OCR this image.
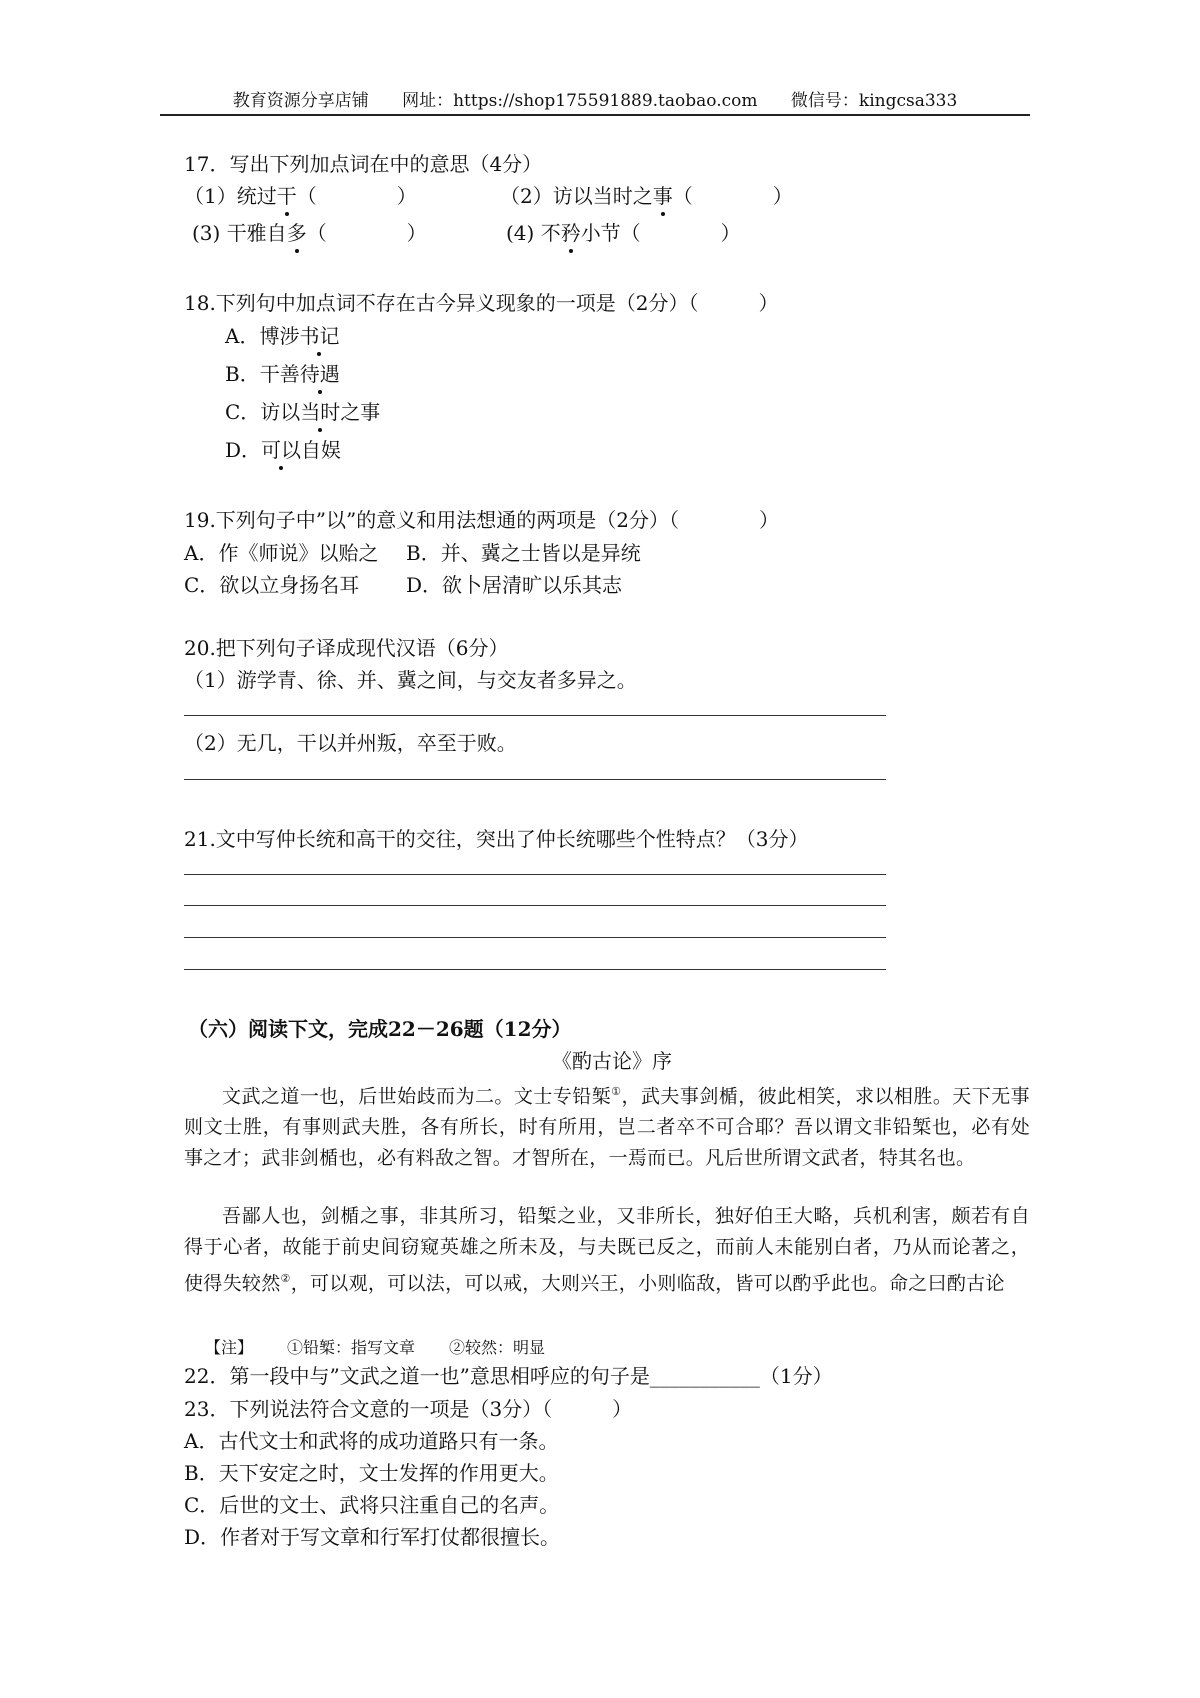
教育资源分享店铺 网址：https://shop175591889.taobao.com 微信号：kingcsa333
17．写出下列加点词在中的意思（4分）
（1）统过干（　　　　）	（2）访以当时之事（　　　　）
(3) 干雅自多（　　　　）	(4) 不矜小节（　　　　）
18.下列句中加点词不存在古今异义现象的一项是（2分）（　　　）
A．博涉书记
B．干善待遇
C．访以当时之事
D．可以自娱
19.下列句子中”以”的意义和用法想通的两项是（2分）（　　　　）
A．作《师说》以贻之 B．并、冀之士皆以是异统
C．欲以立身扬名耳 D．欲卜居清旷以乐其志
20.把下列句子译成现代汉语（6分）
（1）游学青、徐、并、冀之间，与交友者多异之。
（2）无几，干以并州叛，卒至于败。
21.文中写仲长统和高干的交往，突出了仲长统哪些个性特点？（3分）
（六）阅读下文，完成22－26题（12分）
《酌古论》序
文武之道一也，后世始歧而为二。文士专铅椠①，武夫事剑楯，彼此相笑，求以相胜。天下无事则文士胜，有事则武夫胜，各有所长，时有所用，岂二者卒不可合耶？吾以谓文非铅椠也，必有处事之才；武非剑楯也，必有料敌之智。才智所在，一焉而已。凡后世所谓文武者，特其名也。
吾鄙人也，剑楯之事，非其所习，铅椠之业，又非所长，独好伯王大略，兵机利害，颇若有自得于心者，故能于前史间窃窥英雄之所未及，与夫既已反之，而前人未能别白者，乃从而论著之，使得失较然②，可以观，可以法，可以戒，大则兴王，小则临敌，皆可以酌乎此也。命之曰酌古论
【注】 ①铅椠：指写文章 ②较然：明显
22．第一段中与”文武之道一也”意思相呼应的句子是___________（1分）
23．下列说法符合文意的一项是（3分）（　　　）
A．古代文士和武将的成功道路只有一条。
B．天下安定之时，文士发挥的作用更大。
C．后世的文士、武将只注重自己的名声。
D．作者对于写文章和行军打仗都很擅长。
